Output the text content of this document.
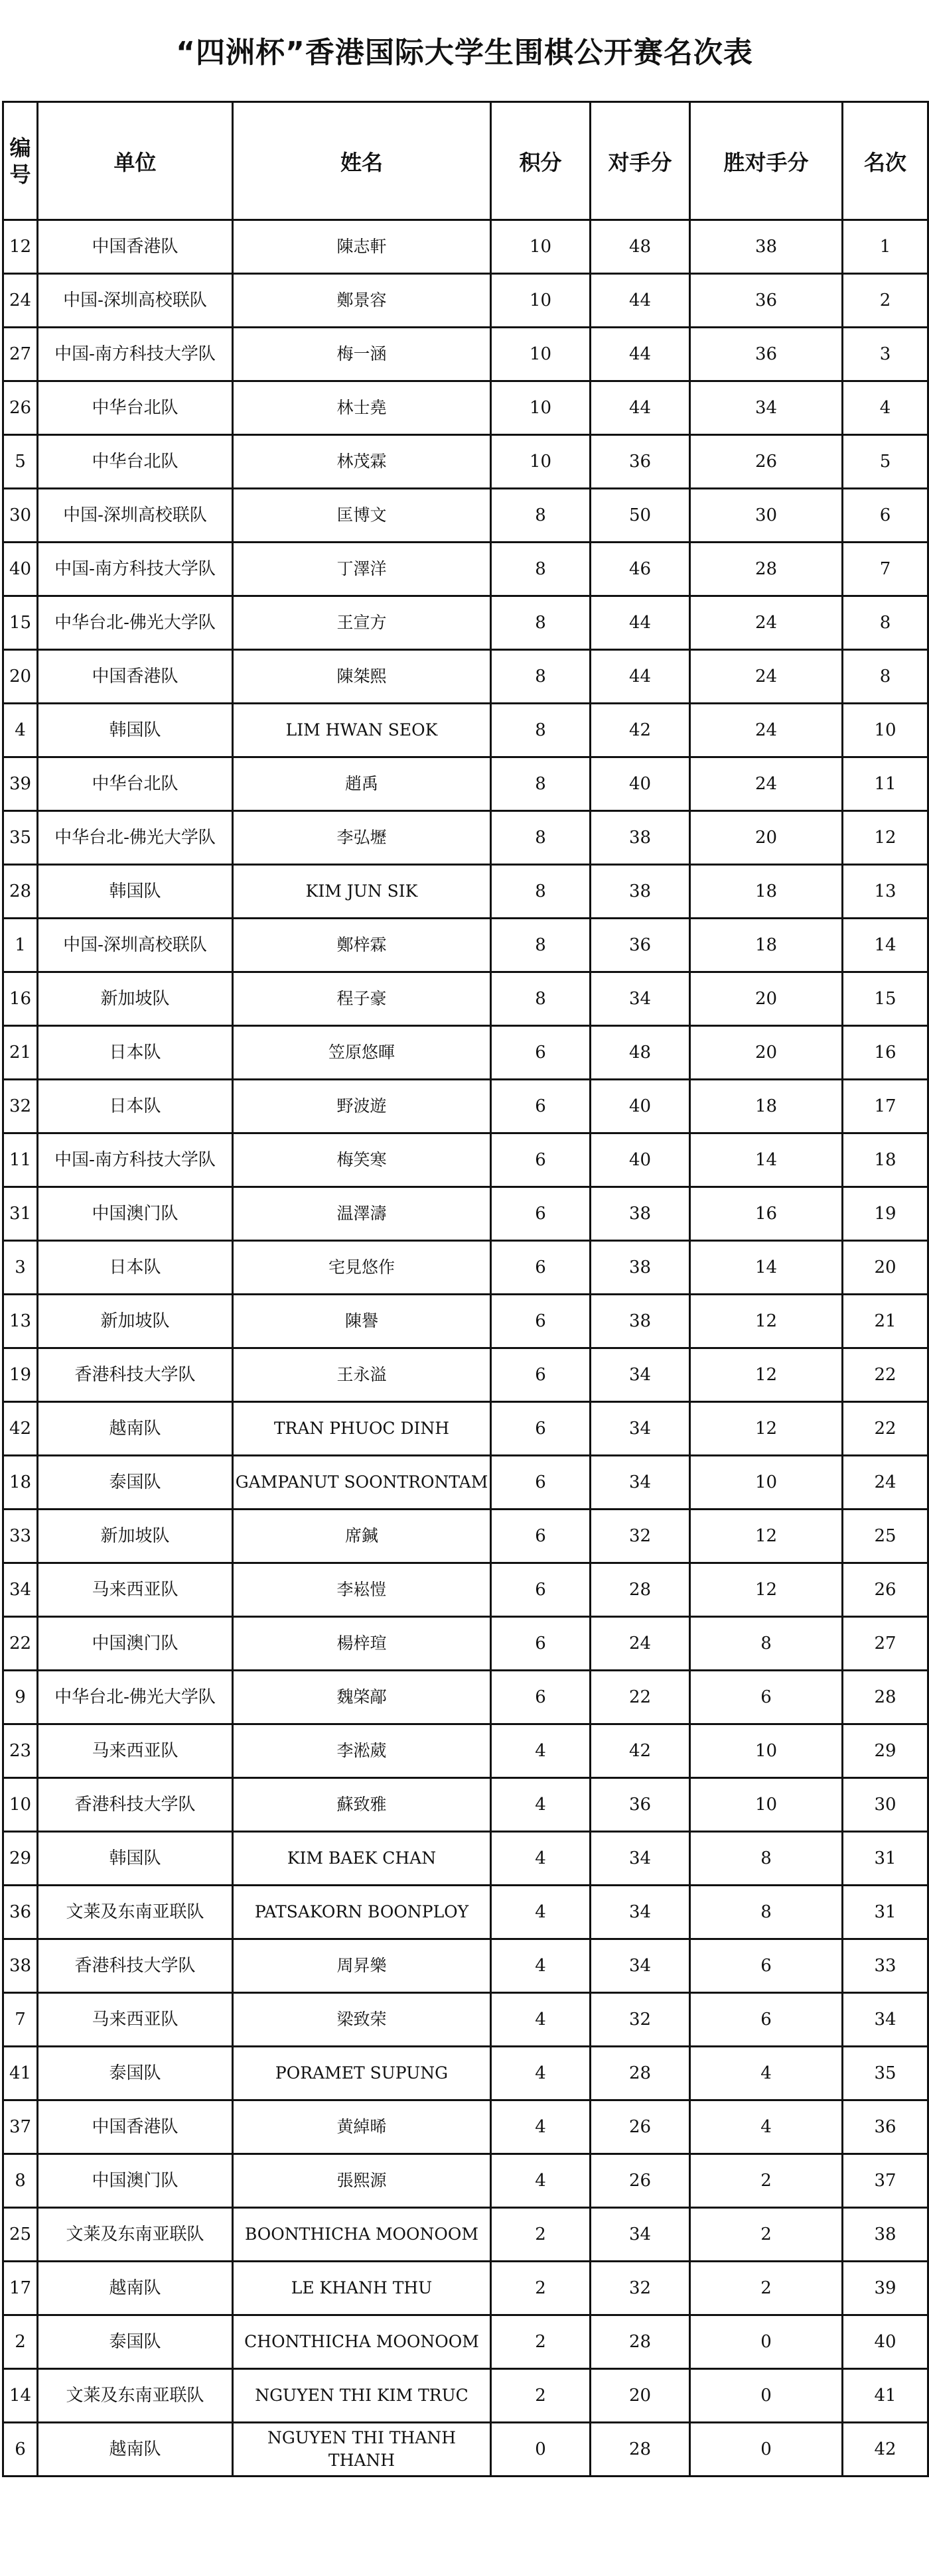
“四洲杯”香港国际大学生围棋公开赛名次表
编号	单位	姓名	积分	对手分	胜对手分	名次
12	中国香港队	陳志軒	10	48	38	1
24	中国-深圳高校联队	鄭景容	10	44	36	2
27	中国-南方科技大学队	梅一涵	10	44	36	3
26	中华台北队	林士堯	10	44	34	4
5	中华台北队	林茂霖	10	36	26	5
30	中国-深圳高校联队	匡博文	8	50	30	6
40	中国-南方科技大学队	丁澤洋	8	46	28	7
15	中华台北-佛光大学队	王宣方	8	44	24	8
20	中国香港队	陳桀熙	8	44	24	8
4	韩国队	LIM HWAN SEOK	8	42	24	10
39	中华台北队	趙禹	8	40	24	11
35	中华台北-佛光大学队	李弘壢	8	38	20	12
28	韩国队	KIM JUN SIK	8	38	18	13
1	中国-深圳高校联队	鄭梓霖	8	36	18	14
16	新加坡队	程子豪	8	34	20	15
21	日本队	笠原悠暉	6	48	20	16
32	日本队	野波遊	6	40	18	17
11	中国-南方科技大学队	梅笑寒	6	40	14	18
31	中国澳门队	温澤濤	6	38	16	19
3	日本队	宅見悠作	6	38	14	20
13	新加坡队	陳譽	6	38	12	21
19	香港科技大学队	王永溢	6	34	12	22
42	越南队	TRAN PHUOC DINH	6	34	12	22
18	泰国队	GAMPANUT SOONTRONTAM	6	34	10	24
33	新加坡队	席鍼	6	32	12	25
34	马来西亚队	李崧愷	6	28	12	26
22	中国澳门队	楊梓瑄	6	24	8	27
9	中华台北-佛光大学队	魏棨鄗	6	22	6	28
23	马来西亚队	李淞葳	4	42	10	29
10	香港科技大学队	蘇致雅	4	36	10	30
29	韩国队	KIM BAEK CHAN	4	34	8	31
36	文莱及东南亚联队	PATSAKORN BOONPLOY	4	34	8	31
38	香港科技大学队	周昇樂	4	34	6	33
7	马来西亚队	梁致荣	4	32	6	34
41	泰国队	PORAMET SUPUNG	4	28	4	35
37	中国香港队	黄綽晞	4	26	4	36
8	中国澳门队	張熙源	4	26	2	37
25	文莱及东南亚联队	BOONTHICHA MOONOOM	2	34	2	38
17	越南队	LE KHANH THU	2	32	2	39
2	泰国队	CHONTHICHA MOONOOM	2	28	0	40
14	文莱及东南亚联队	NGUYEN THI KIM TRUC	2	20	0	41
6	越南队	NGUYEN THI THANH THANH	0	28	0	42
